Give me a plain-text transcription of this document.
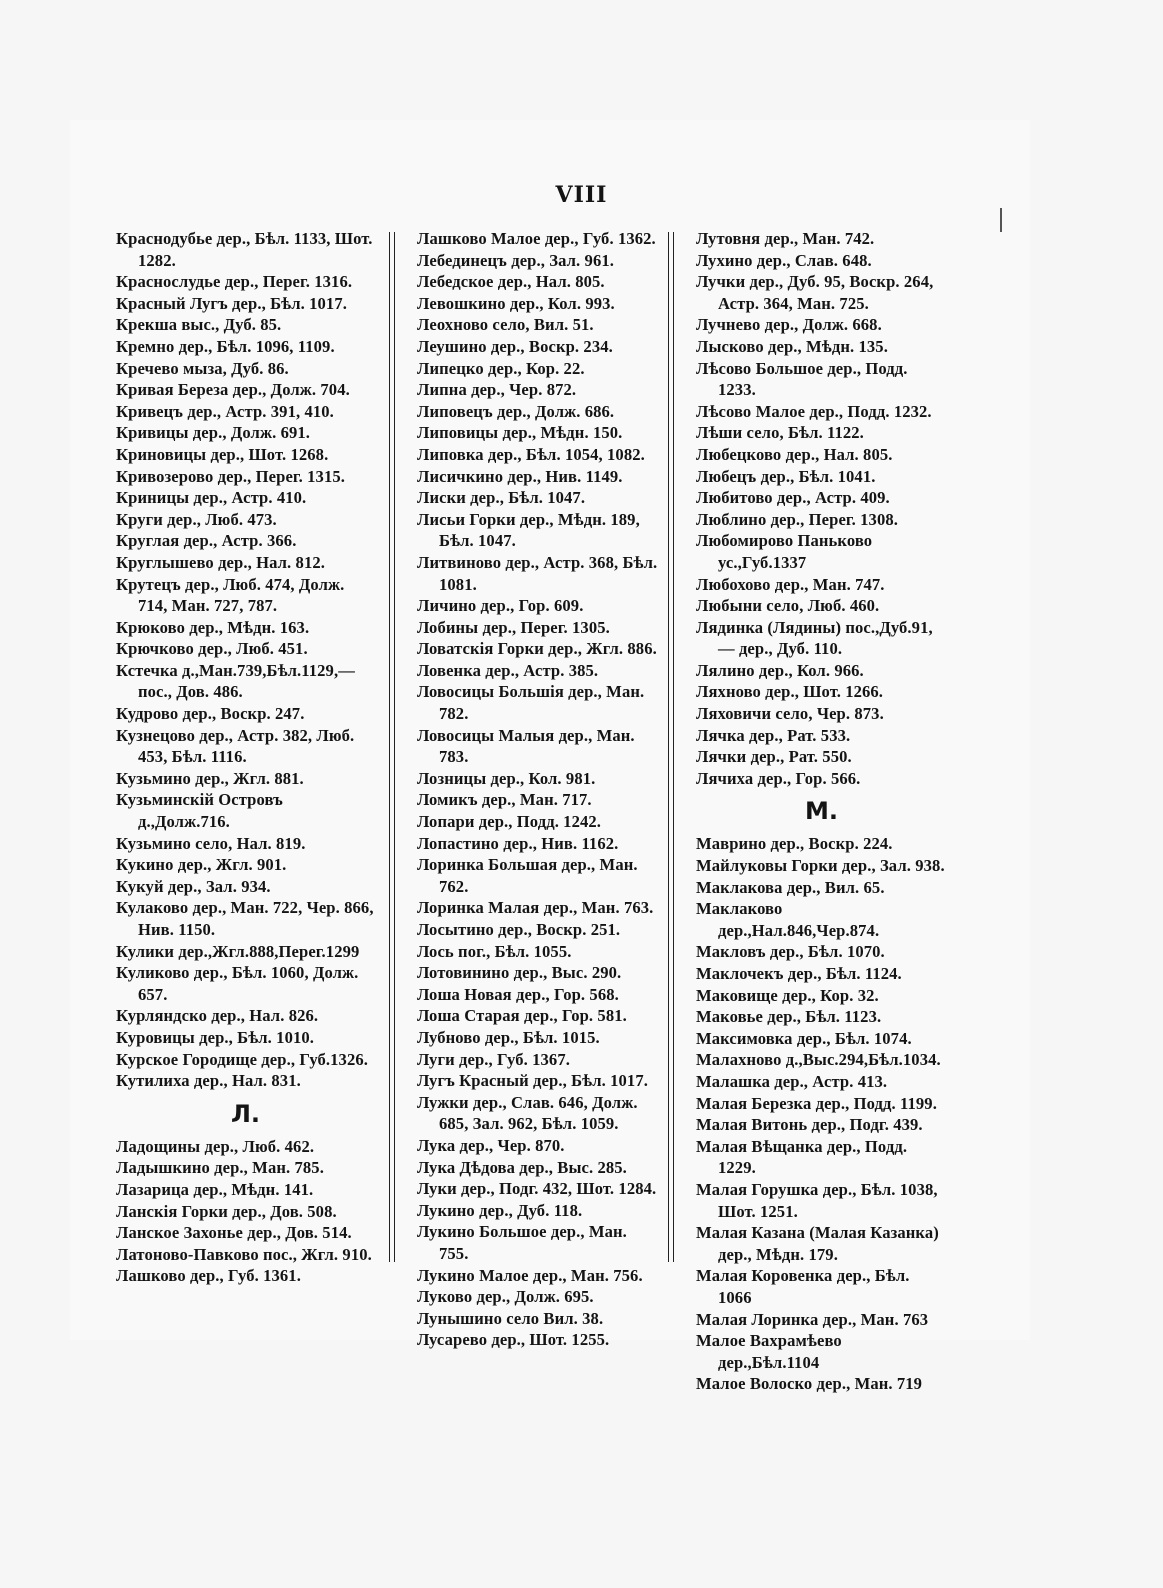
VIII
Краснодубье дер., Бѣл. 1133, Шот. 1282.
Краснослудье дер., Перег. 1316.
Красный Лугъ дер., Бѣл. 1017.
Крекша выс., Дуб. 85.
Кремно дер., Бѣл. 1096, 1109.
Кречево мыза, Дуб. 86.
Кривая Береза дер., Долж. 704.
Кривецъ дер., Астр. 391, 410.
Кривицы дер., Долж. 691.
Криновицы дер., Шот. 1268.
Кривозерово дер., Перег. 1315.
Криницы дер., Астр. 410.
Круги дер., Люб. 473.
Круглая дер., Астр. 366.
Круглышево дер., Нал. 812.
Крутецъ дер., Люб. 474, Долж. 714, Ман. 727, 787.
Крюково дер., Мѣдн. 163.
Крючково дер., Люб. 451.
Кстечка д.,Ман.739,Бѣл.1129,— пос., Дов. 486.
Кудрово дер., Воскр. 247.
Кузнецово дер., Астр. 382, Люб. 453, Бѣл. 1116.
Кузьмино дер., Жгл. 881.
Кузьминскій Островъ д.,Долж.716.
Кузьмино село, Нал. 819.
Кукино дер., Жгл. 901.
Кукуй дер., Зал. 934.
Кулаково дер., Ман. 722, Чер. 866, Нив. 1150.
Кулики дер.,Жгл.888,Перег.1299
Куликово дер., Бѣл. 1060, Долж. 657.
Курляндско дер., Нал. 826.
Куровицы дер., Бѣл. 1010.
Курское Городище дер., Губ.1326.
Кутилиха дер., Нал. 831.
Л.
Ладощины дер., Люб. 462.
Ладышкино дер., Ман. 785.
Лазарица дер., Мѣдн. 141.
Ланскія Горки дер., Дов. 508.
Ланское Захонье дер., Дов. 514.
Латоново-Павково пос., Жгл. 910.
Лашково дер., Губ. 1361.
Лашково Малое дер., Губ. 1362.
Лебединецъ дер., Зал. 961.
Лебедское дер., Нал. 805.
Левошкино дер., Кол. 993.
Леохново село, Вил. 51.
Леушино дер., Воскр. 234.
Липецко дер., Кор. 22.
Липна дер., Чер. 872.
Липовецъ дер., Долж. 686.
Липовицы дер., Мѣдн. 150.
Липовка дер., Бѣл. 1054, 1082.
Лисичкино дер., Нив. 1149.
Лиски дер., Бѣл. 1047.
Лисьи Горки дер., Мѣдн. 189, Бѣл. 1047.
Литвиново дер., Астр. 368, Бѣл. 1081.
Личино дер., Гор. 609.
Лобины дер., Перег. 1305.
Ловатскія Горки дер., Жгл. 886.
Ловенка дер., Астр. 385.
Ловосицы Большія дер., Ман. 782.
Ловосицы Малыя дер., Ман. 783.
Лозницы дер., Кол. 981.
Ломикъ дер., Ман. 717.
Лопари дер., Подд. 1242.
Лопастино дер., Нив. 1162.
Лоринка Большая дер., Ман. 762.
Лоринка Малая дер., Ман. 763.
Лосытино дер., Воскр. 251.
Лось пог., Бѣл. 1055.
Лотовинино дер., Выс. 290.
Лоша Новая дер., Гор. 568.
Лоша Старая дер., Гор. 581.
Лубново дер., Бѣл. 1015.
Луги дер., Губ. 1367.
Лугъ Красный дер., Бѣл. 1017.
Лужки дер., Слав. 646, Долж. 685, Зал. 962, Бѣл. 1059.
Лука дер., Чер. 870.
Лука Дѣдова дер., Выс. 285.
Луки дер., Подг. 432, Шот. 1284.
Лукино дер., Дуб. 118.
Лукино Большое дер., Ман. 755.
Лукино Малое дер., Ман. 756.
Луково дер., Долж. 695.
Лунышино село Вил. 38.
Лусарево дер., Шот. 1255.
Лутовня дер., Ман. 742.
Лухино дер., Слав. 648.
Лучки дер., Дуб. 95, Воскр. 264, Астр. 364, Ман. 725.
Лучнево дер., Долж. 668.
Лысково дер., Мѣдн. 135.
Лѣсово Большое дер., Подд. 1233.
Лѣсово Малое дер., Подд. 1232.
Лѣши село, Бѣл. 1122.
Любецково дер., Нал. 805.
Любецъ дер., Бѣл. 1041.
Любитово дер., Астр. 409.
Люблино дер., Перег. 1308.
Любомирово Паньково ус.,Губ.1337
Любохово дер., Ман. 747.
Любыни село, Люб. 460.
Лядинка (Лядины) пос.,Дуб.91,— дер., Дуб. 110.
Лялино дер., Кол. 966.
Ляхново дер., Шот. 1266.
Ляховичи село, Чер. 873.
Лячка дер., Рат. 533.
Лячки дер., Рат. 550.
Лячиха дер., Гор. 566.
М.
Маврино дер., Воскр. 224.
Майлуковы Горки дер., Зал. 938.
Маклакова дер., Вил. 65.
Маклаково дер.,Нал.846,Чер.874.
Макловъ дер., Бѣл. 1070.
Маклочекъ дер., Бѣл. 1124.
Маковище дер., Кор. 32.
Маковье дер., Бѣл. 1123.
Максимовка дер., Бѣл. 1074.
Малахново д.,Выс.294,Бѣл.1034.
Малашка дер., Астр. 413.
Малая Березка дер., Подд. 1199.
Малая Витонь дер., Подг. 439.
Малая Вѣщанка дер., Подд. 1229.
Малая Горушка дер., Бѣл. 1038, Шот. 1251.
Малая Казана (Малая Казанка) дер., Мѣдн. 179.
Малая Коровенка дер., Бѣл. 1066
Малая Лоринка дер., Ман. 763
Малое Вахрамѣево дер.,Бѣл.1104
Малое Волоско дер., Ман. 719
